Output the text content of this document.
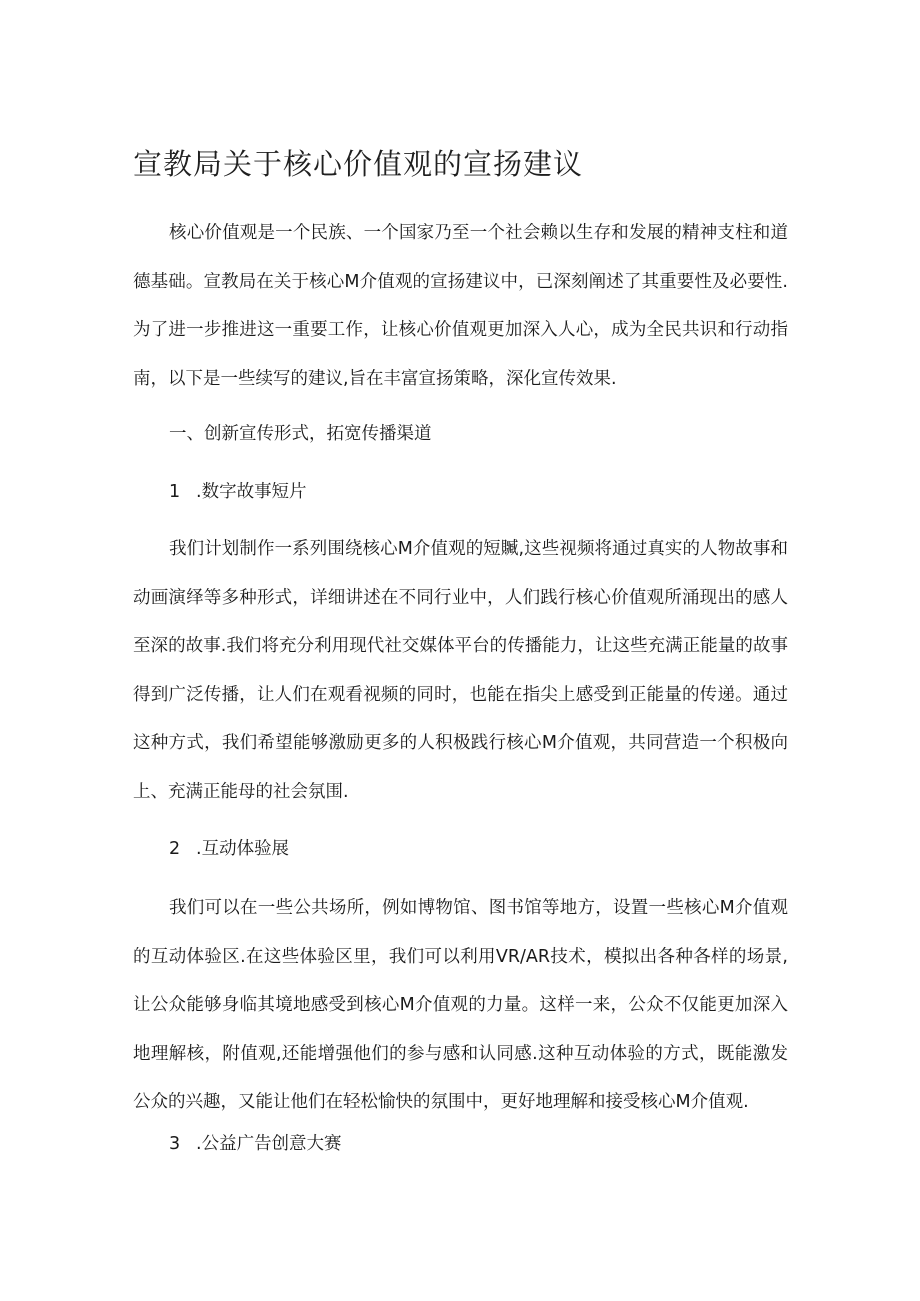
宣教局关于核心价值观的宣扬建议
核心价值观是一个民族、一个国家乃至一个社会赖以生存和发展的精神支柱和道德基础。宣教局在关于核心M介值观的宣扬建议中，已深刻阐述了其重要性及必要性.为了进一步推进这一重要工作，让核心价值观更加深入人心，成为全民共识和行动指南，以下是一些续写的建议,旨在丰富宣扬策略，深化宣传效果.
一、创新宣传形式，拓宽传播渠道
1 .数字故事短片
我们计划制作一系列围绕核心M介值观的短贓,这些视频将通过真实的人物故事和动画演绎等多种形式，详细讲述在不同行业中，人们践行核心价值观所涌现出的感人至深的故事.我们将充分利用现代社交媒体平台的传播能力，让这些充满正能量的故事得到广泛传播，让人们在观看视频的同时，也能在指尖上感受到正能量的传递。通过这种方式，我们希望能够激励更多的人积极践行核心M介值观，共同营造一个积极向上、充满正能母的社会氛围.
2 .互动体验展
我们可以在一些公共场所，例如博物馆、图书馆等地方，设置一些核心M介值观的互动体验区.在这些体验区里，我们可以利用VR/AR技术，模拟出各种各样的场景,让公众能够身临其境地感受到核心M介值观的力量。这样一来，公众不仅能更加深入地理解核，附值观,还能增强他们的参与感和认同感.这种互动体验的方式，既能激发公众的兴趣，又能让他们在轻松愉快的氛围中，更好地理解和接受核心M介值观.
3 .公益广告创意大赛
